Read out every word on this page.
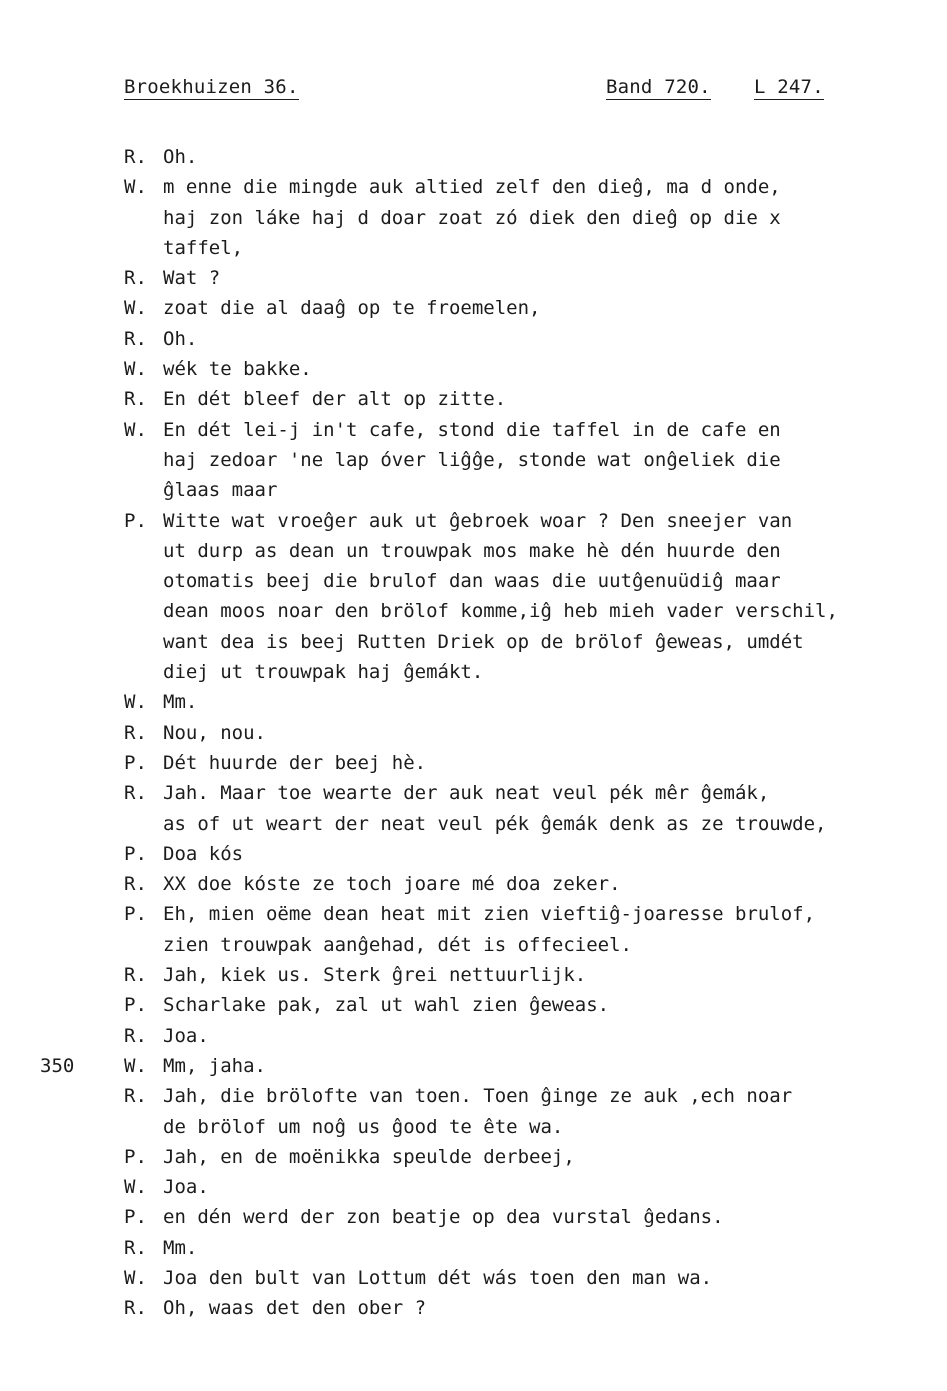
Broekhuizen 36.	Band 720. L 247.
R. Oh.
W. m enne die mingde auk altied zelf den dieĝ, ma d onde,
haj zon láke haj d doar zoat zó diek den dieĝ op die x
taffel,
R. Wat ?
W. zoat die al daaĝ op te froemelen,
R. Oh.
W. wék te bakke.
R. En dét bleef der alt op zitte.
W. En dét lei-j in't cafe, stond die taffel in de cafe en
haj zedoar 'ne lap óver liĝĝe, stonde wat onĝeliek die
ĝlaas maar
P. Witte wat vroeĝer auk ut ĝebroek woar ? Den sneejer van
ut durp as dean un trouwpak mos make hè dén huurde den
otomatis beej die brulof dan waas die uutĝenuüdiĝ maar
dean moos noar den brölof komme,iĝ heb mieh vader verschil,
want dea is beej Rutten Driek op de brölof ĝeweas, umdét
diej ut trouwpak haj ĝemákt.
W. Mm.
R. Nou, nou.
P. Dét huurde der beej hè.
R. Jah. Maar toe wearte der auk neat veul pék mêr ĝemák,
as of ut weart der neat veul pék ĝemák denk as ze trouwde,
P. Doa kós
R. XX doe kóste ze toch joare mé doa zeker.
P. Eh, mien oëme dean heat mit zien vieftiĝ-joaresse brulof,
zien trouwpak aanĝehad, dét is offecieel.
R. Jah, kiek us. Sterk ĝrei nettuurlijk.
P. Scharlake pak, zal ut wahl zien ĝeweas.
R. Joa.
350	W. Mm, jaha.
R. Jah, die brölofte van toen. Toen ĝinge ze auk ,ech noar
de brölof um noĝ us ĝood te ête wa.
P. Jah, en de moënikka speulde derbeej,
W. Joa.
P. en dén werd der zon beatje op dea vurstal ĝedans.
R. Mm.
W. Joa den bult van Lottum dét wás toen den man wa.
R. Oh, waas det den ober ?
